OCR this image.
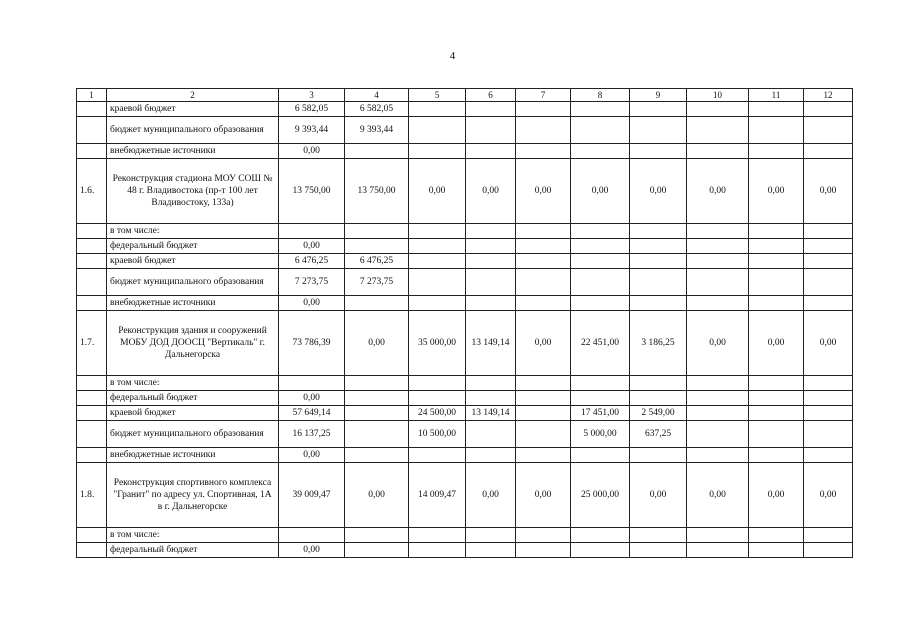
4
1	2	3	4	5	6	7	8	9	10	11	12	
	краевой бюджет	6 582,05	6 582,05									
	бюджет муниципального образования	9 393,44	9 393,44									
	внебюджетные источники	0,00										
1.6.	Реконструкция стадиона МОУ СОШ № 48 г. Владивостока (пр-т 100 лет Владивостоку, 133а)	13 750,00	13 750,00	0,00	0,00	0,00	0,00	0,00	0,00	0,00	0,00	
	в том числе:											
	федеральный бюджет	0,00										
	краевой бюджет	6 476,25	6 476,25									
	бюджет муниципального образования	7 273,75	7 273,75									
	внебюджетные источники	0,00										
1.7.	Реконструкция здания и сооружений МОБУ ДОД ДООСЦ "Вертикаль" г. Дальнегорска	73 786,39	0,00	35 000,00	13 149,14	0,00	22 451,00	3 186,25	0,00	0,00	0,00	
	в том числе:											
	федеральный бюджет	0,00										
	краевой бюджет	57 649,14		24 500,00	13 149,14		17 451,00	2 549,00				
	бюджет муниципального образования	16 137,25		10 500,00			5 000,00	637,25				
	внебюджетные источники	0,00										
1.8.	Реконструкция спортивного комплекса "Гранит" по адресу ул. Спортивная, 1А в г. Дальнегорске	39 009,47	0,00	14 009,47	0,00	0,00	25 000,00	0,00	0,00	0,00	0,00	
	в том числе:											
	федеральный бюджет	0,00										
